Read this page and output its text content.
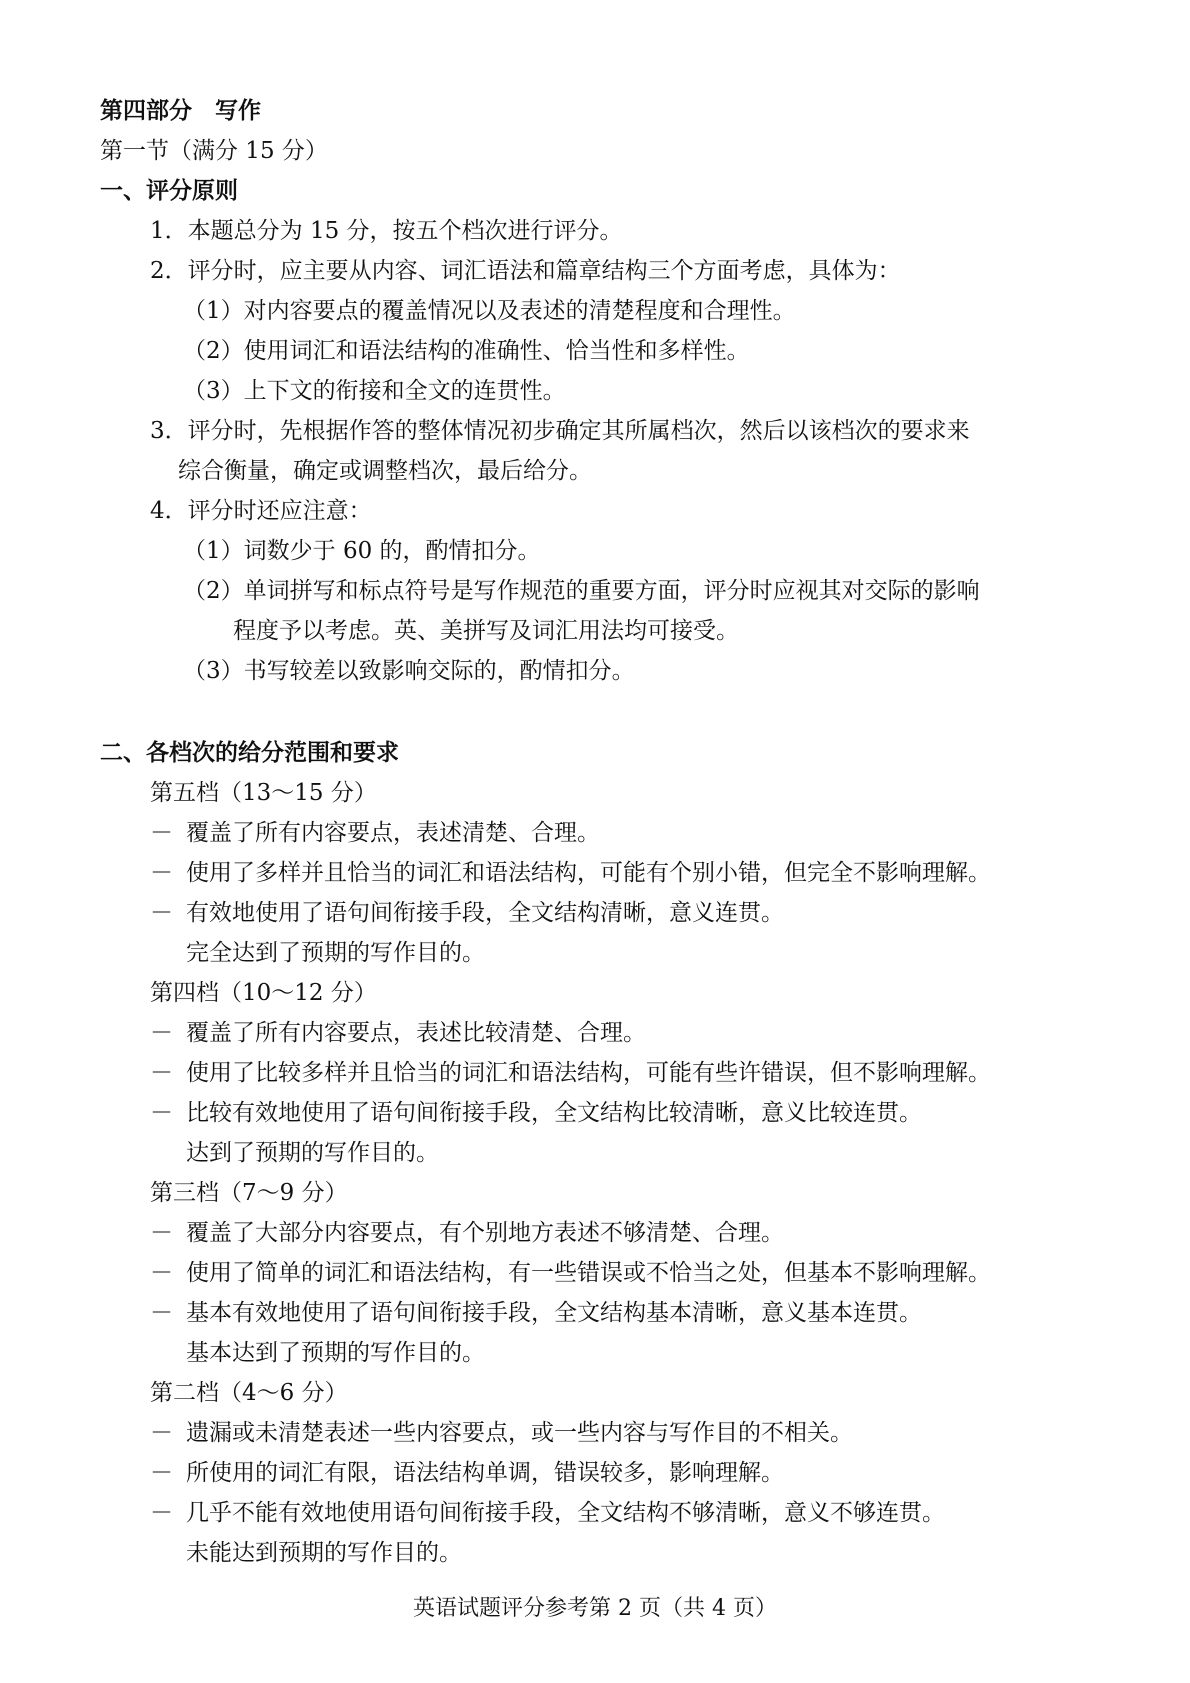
第四部分　写作
第一节（满分 15 分）
一、评分原则
1．本题总分为 15 分，按五个档次进行评分。
2．评分时，应主要从内容、词汇语法和篇章结构三个方面考虑，具体为：
（1）对内容要点的覆盖情况以及表述的清楚程度和合理性。
（2）使用词汇和语法结构的准确性、恰当性和多样性。
（3）上下文的衔接和全文的连贯性。
3．评分时，先根据作答的整体情况初步确定其所属档次，然后以该档次的要求来
综合衡量，确定或调整档次，最后给分。
4．评分时还应注意：
（1）词数少于 60 的，酌情扣分。
（2）单词拼写和标点符号是写作规范的重要方面，评分时应视其对交际的影响
程度予以考虑。英、美拼写及词汇用法均可接受。
（3）书写较差以致影响交际的，酌情扣分。
二、各档次的给分范围和要求
第五档（13～15 分）
－ 覆盖了所有内容要点，表述清楚、合理。
－ 使用了多样并且恰当的词汇和语法结构，可能有个别小错，但完全不影响理解。
－ 有效地使用了语句间衔接手段，全文结构清晰，意义连贯。
完全达到了预期的写作目的。
第四档（10～12 分）
－ 覆盖了所有内容要点，表述比较清楚、合理。
－ 使用了比较多样并且恰当的词汇和语法结构，可能有些许错误，但不影响理解。
－ 比较有效地使用了语句间衔接手段，全文结构比较清晰，意义比较连贯。
达到了预期的写作目的。
第三档（7～9 分）
－ 覆盖了大部分内容要点，有个别地方表述不够清楚、合理。
－ 使用了简单的词汇和语法结构，有一些错误或不恰当之处，但基本不影响理解。
－ 基本有效地使用了语句间衔接手段，全文结构基本清晰，意义基本连贯。
基本达到了预期的写作目的。
第二档（4～6 分）
－ 遗漏或未清楚表述一些内容要点，或一些内容与写作目的不相关。
－ 所使用的词汇有限，语法结构单调，错误较多，影响理解。
－ 几乎不能有效地使用语句间衔接手段，全文结构不够清晰，意义不够连贯。
未能达到预期的写作目的。
英语试题评分参考第 2 页（共 4 页）
